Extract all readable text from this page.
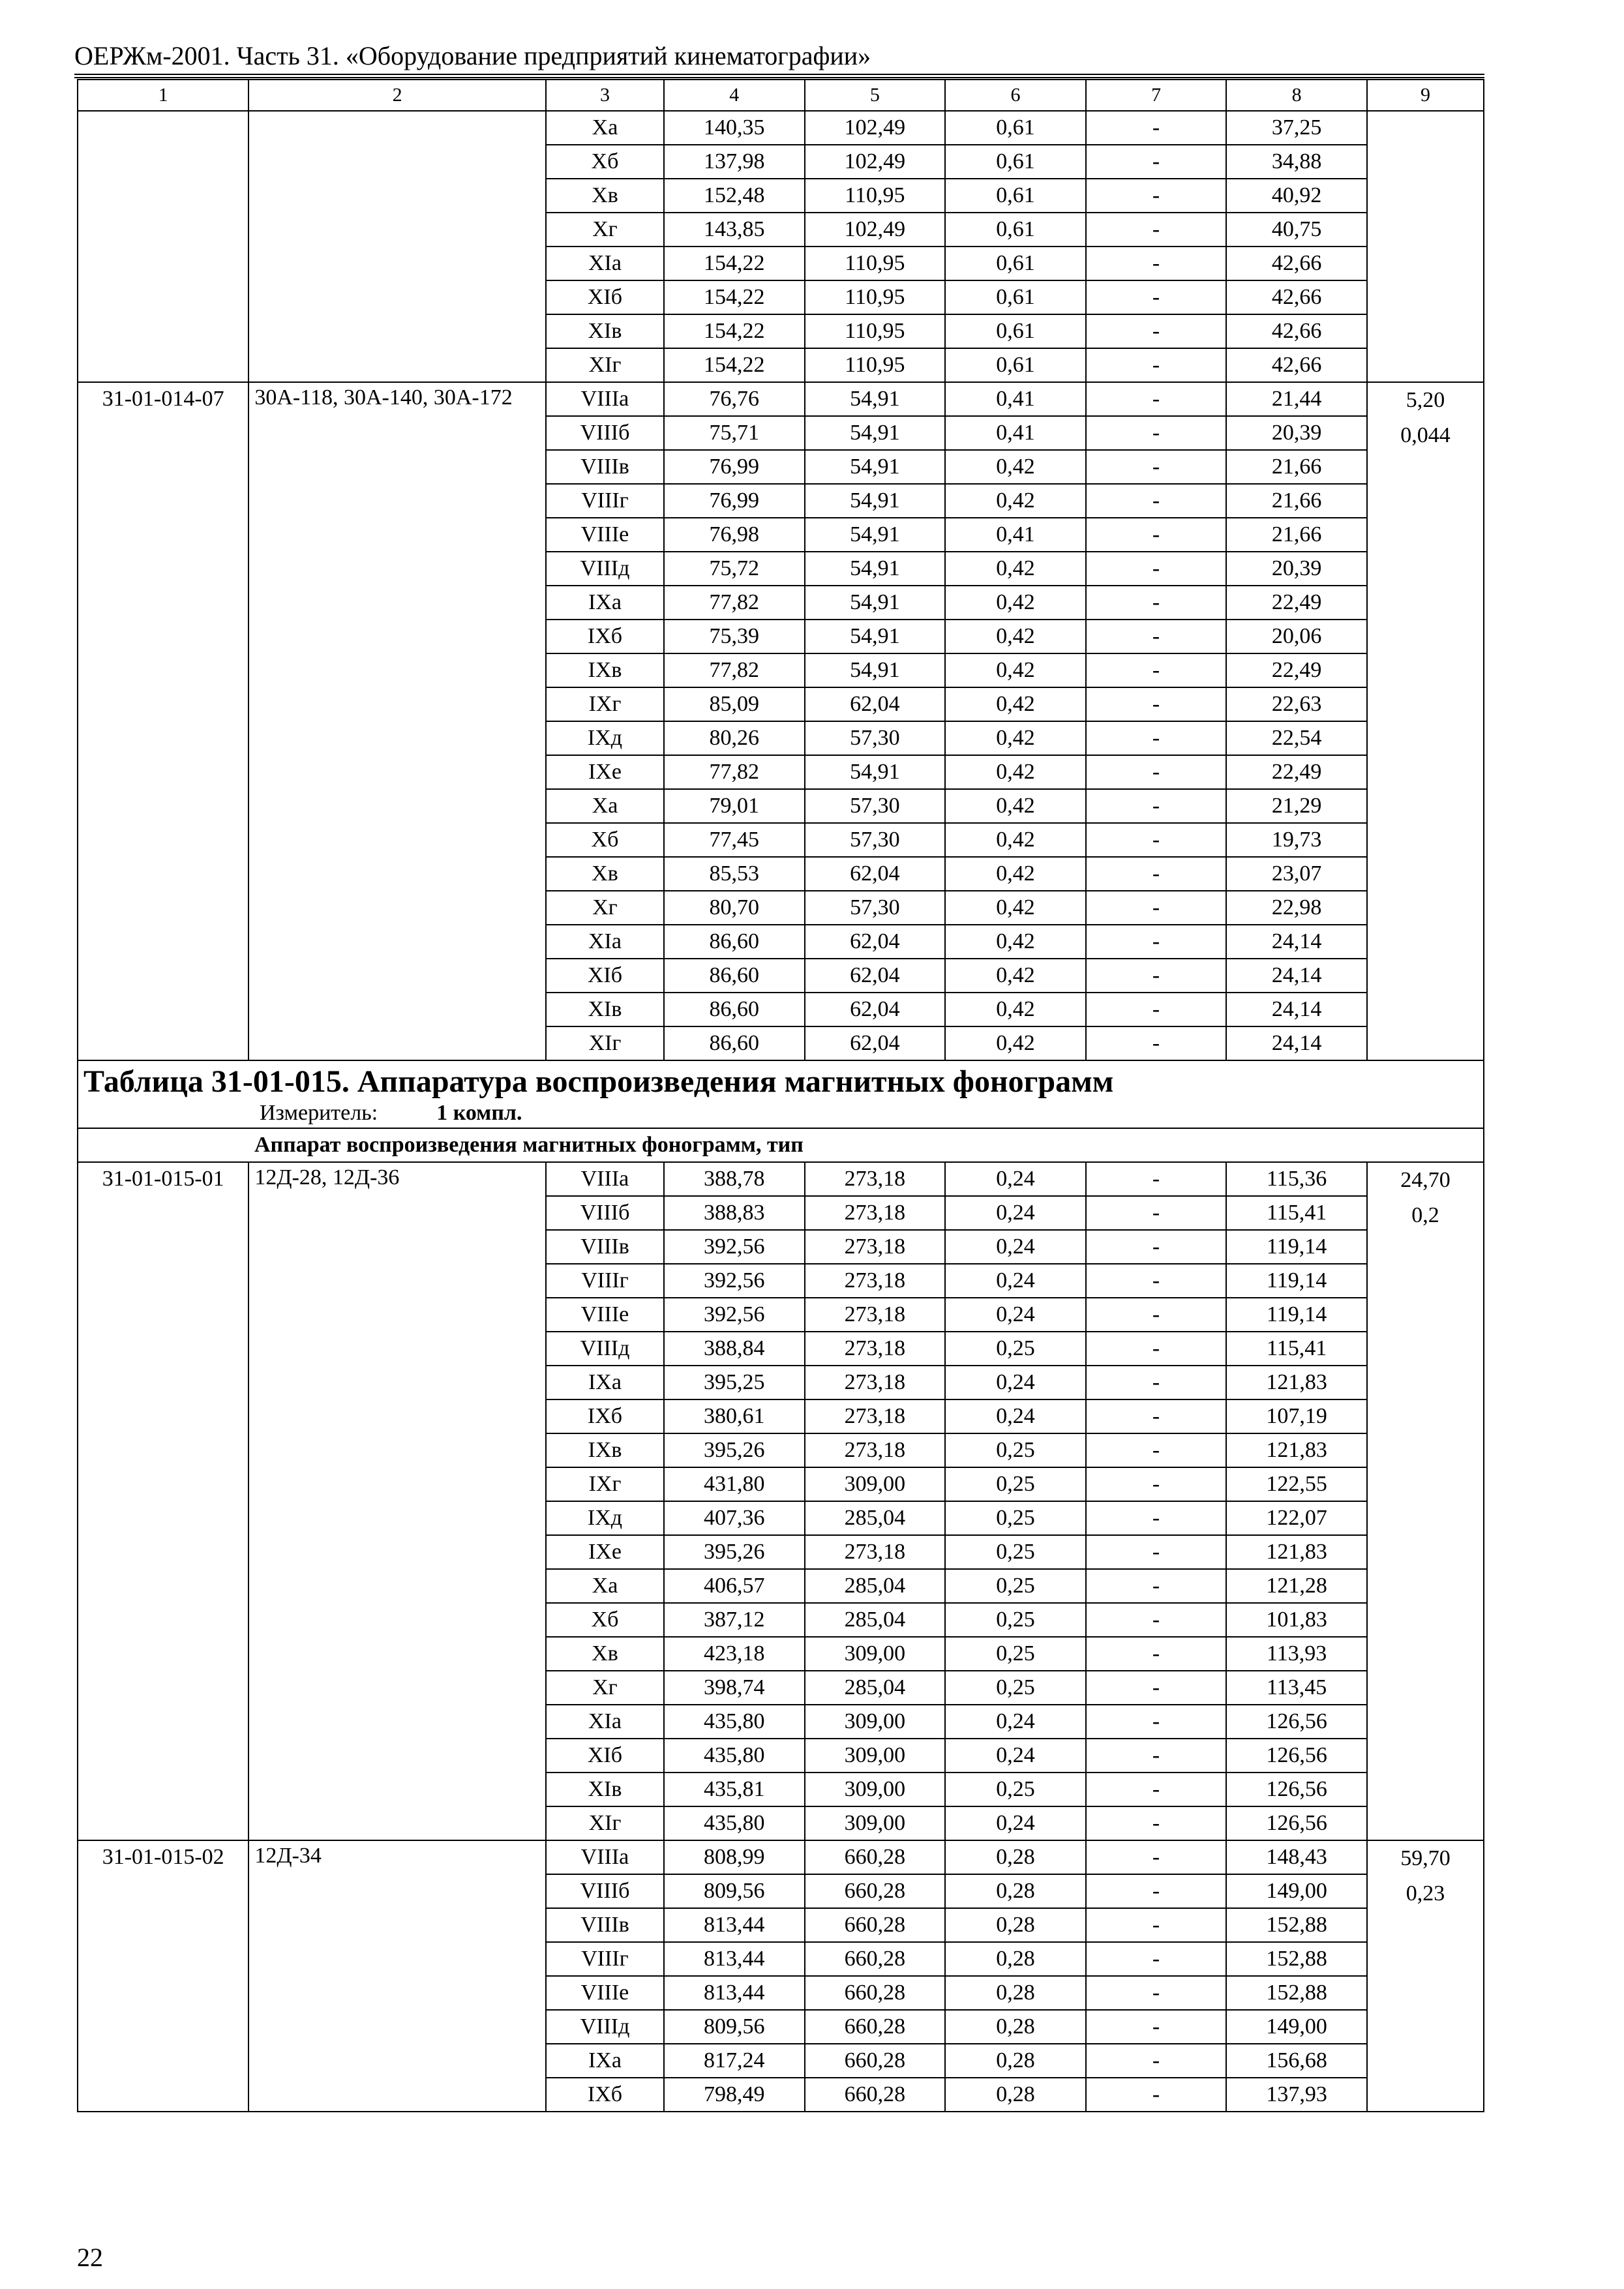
ОЕРЖм-2001. Часть 31. «Оборудование предприятий кинематографии»
1	2	3	4	5	6	7	8	9
		Xа	140,35	102,49	0,61	-	37,25	
		Xб	137,98	102,49	0,61	-	34,88	
		Xв	152,48	110,95	0,61	-	40,92	
		Xг	143,85	102,49	0,61	-	40,75	
		XIа	154,22	110,95	0,61	-	42,66	
		XIб	154,22	110,95	0,61	-	42,66	
		XIв	154,22	110,95	0,61	-	42,66	
		XIг	154,22	110,95	0,61	-	42,66	
31-01-014-07	30А-118, 30А-140, 30А-172	VIIIа	76,76	54,91	0,41	-	21,44	5,20
0,044

		VIIIб	75,71	54,91	0,41	-	20,39	
		VIIIв	76,99	54,91	0,42	-	21,66	
		VIIIг	76,99	54,91	0,42	-	21,66	
		VIIIе	76,98	54,91	0,41	-	21,66	
		VIIIд	75,72	54,91	0,42	-	20,39	
		IXа	77,82	54,91	0,42	-	22,49	
		IXб	75,39	54,91	0,42	-	20,06	
		IXв	77,82	54,91	0,42	-	22,49	
		IXг	85,09	62,04	0,42	-	22,63	
		IXд	80,26	57,30	0,42	-	22,54	
		IXе	77,82	54,91	0,42	-	22,49	
		Xа	79,01	57,30	0,42	-	21,29	
		Xб	77,45	57,30	0,42	-	19,73	
		Xв	85,53	62,04	0,42	-	23,07	
		Xг	80,70	57,30	0,42	-	22,98	
		XIа	86,60	62,04	0,42	-	24,14	
		XIб	86,60	62,04	0,42	-	24,14	
		XIв	86,60	62,04	0,42	-	24,14	
		XIг	86,60	62,04	0,42	-	24,14	

Таблица 31-01-015. Аппаратура воспроизведения магнитных фонограмм
Измеритель: 1 компл.								

Аппарат воспроизведения магнитных фонограмм, тип								
31-01-015-01	12Д-28, 12Д-36	VIIIа	388,78	273,18	0,24	-	115,36	24,70
0,2

		VIIIб	388,83	273,18	0,24	-	115,41	
		VIIIв	392,56	273,18	0,24	-	119,14	
		VIIIг	392,56	273,18	0,24	-	119,14	
		VIIIе	392,56	273,18	0,24	-	119,14	
		VIIIд	388,84	273,18	0,25	-	115,41	
		IXа	395,25	273,18	0,24	-	121,83	
		IXб	380,61	273,18	0,24	-	107,19	
		IXв	395,26	273,18	0,25	-	121,83	
		IXг	431,80	309,00	0,25	-	122,55	
		IXд	407,36	285,04	0,25	-	122,07	
		IXе	395,26	273,18	0,25	-	121,83	
		Xа	406,57	285,04	0,25	-	121,28	
		Xб	387,12	285,04	0,25	-	101,83	
		Xв	423,18	309,00	0,25	-	113,93	
		Xг	398,74	285,04	0,25	-	113,45	
		XIа	435,80	309,00	0,24	-	126,56	
		XIб	435,80	309,00	0,24	-	126,56	
		XIв	435,81	309,00	0,25	-	126,56	
		XIг	435,80	309,00	0,24	-	126,56	
31-01-015-02	12Д-34	VIIIа	808,99	660,28	0,28	-	148,43	59,70
0,23

		VIIIб	809,56	660,28	0,28	-	149,00	
		VIIIв	813,44	660,28	0,28	-	152,88	
		VIIIг	813,44	660,28	0,28	-	152,88	
		VIIIе	813,44	660,28	0,28	-	152,88	
		VIIIд	809,56	660,28	0,28	-	149,00	
		IXа	817,24	660,28	0,28	-	156,68	
		IXб	798,49	660,28	0,28	-	137,93	
22
